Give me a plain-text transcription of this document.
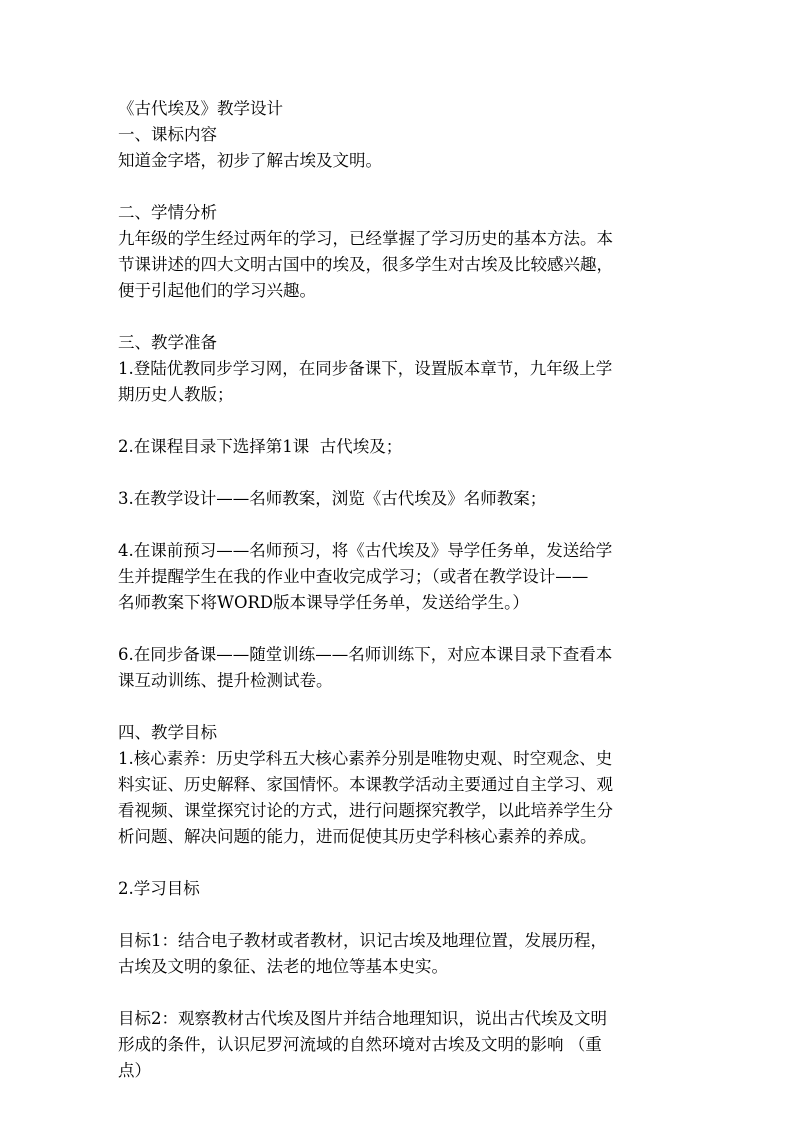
《古代埃及》教学设计
一、课标内容
知道金字塔，初步了解古埃及文明。
二、学情分析
九年级的学生经过两年的学习，已经掌握了学习历史的基本方法。本
节课讲述的四大文明古国中的埃及，很多学生对古埃及比较感兴趣，
便于引起他们的学习兴趣。
三、教学准备
1.登陆优教同步学习网，在同步备课下，设置版本章节，九年级上学
期历史人教版；
2.在课程目录下选择第1课  古代埃及；
3.在教学设计——名师教案，浏览《古代埃及》名师教案；
4.在课前预习——名师预习，将《古代埃及》导学任务单，发送给学
生并提醒学生在我的作业中查收完成学习；（或者在教学设计——
名师教案下将WORD版本课导学任务单，发送给学生。）
6.在同步备课——随堂训练——名师训练下，对应本课目录下查看本
课互动训练、提升检测试卷。
四、教学目标
1.核心素养：历史学科五大核心素养分别是唯物史观、时空观念、史
料实证、历史解释、家国情怀。本课教学活动主要通过自主学习、观
看视频、课堂探究讨论的方式，进行问题探究教学，以此培养学生分
析问题、解决问题的能力，进而促使其历史学科核心素养的养成。
2.学习目标
目标1：结合电子教材或者教材，识记古埃及地理位置，发展历程，
古埃及文明的象征、法老的地位等基本史实。
目标2：观察教材古代埃及图片并结合地理知识，说出古代埃及文明
形成的条件，认识尼罗河流域的自然环境对古埃及文明的影响 （重
点）
